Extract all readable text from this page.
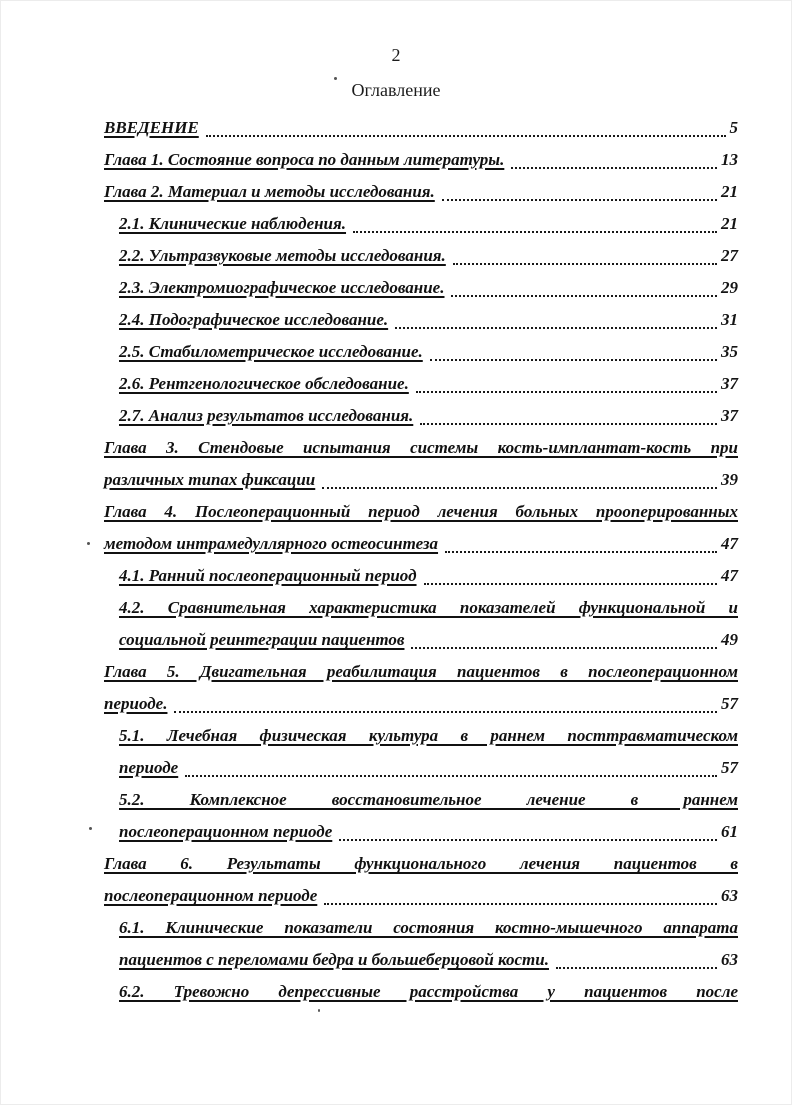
2
Оглавление
ВВЕДЕНИЕ	5
Глава 1. Состояние вопроса по данным литературы.	13
Глава 2. Материал и методы исследования.	21
2.1. Клинические наблюдения.	21
2.2. Ультразвуковые методы исследования.	27
2.3. Электромиографическое исследование.	29
2.4. Подографическое исследование.	31
2.5. Стабилометрическое исследование.	35
2.6. Рентгенологическое обследование.	37
2.7. Анализ результатов исследования.	37
Глава 3. Стендовые испытания системы кость-имплантат-кость при
различных типах фиксации	39
Глава 4. Послеоперационный период лечения больных прооперированных
методом интрамедуллярного остеосинтеза	47
4.1. Ранний послеоперационный период	47
4.2. Сравнительная характеристика показателей функциональной и
социальной реинтеграции пациентов	49
Глава 5. Двигательная реабилитация пациентов в послеоперационном
периоде.	57
5.1. Лечебная физическая культура в раннем посттравматическом
периоде	57
5.2. Комплексное восстановительное лечение в раннем
послеоперационном периоде	61
Глава 6. Результаты функционального лечения пациентов в
послеоперационном периоде	63
6.1. Клинические показатели состояния костно-мышечного аппарата
пациентов с переломами бедра и большеберцовой кости.	63
6.2. Тревожно депрессивные расстройства у пациентов после
